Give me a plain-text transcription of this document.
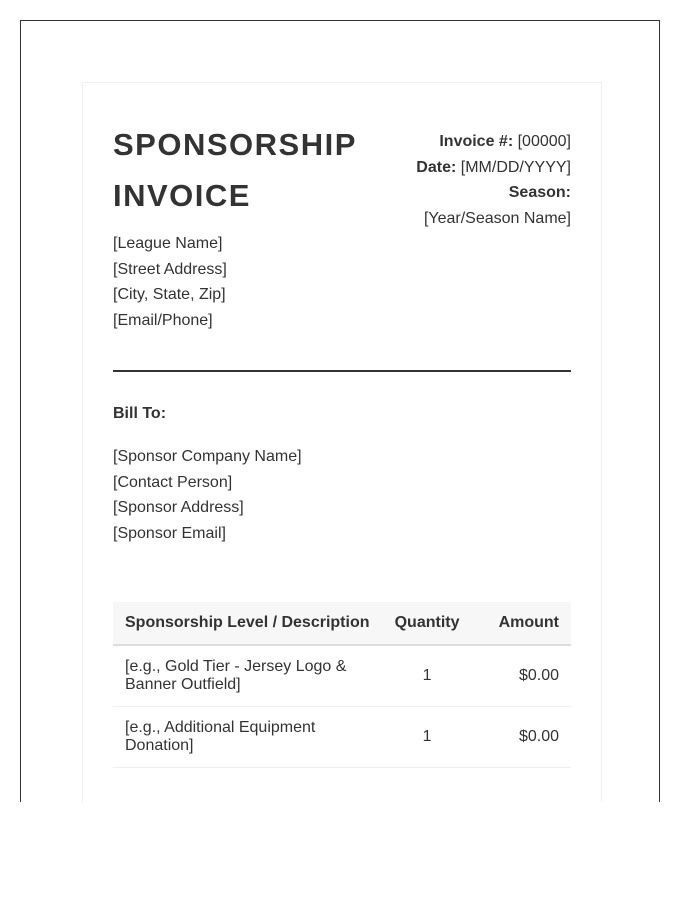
SPONSORSHIP
INVOICE
Invoice #: [00000]
Date: [MM/DD/YYYY]
Season:
[Year/Season Name]
[League Name]
[Street Address]
[City, State, Zip]
[Email/Phone]
Bill To:
[Sponsor Company Name]
[Contact Person]
[Sponsor Address]
[Sponsor Email]
Sponsorship Level / Description	Quantity	Amount
[e.g., Gold Tier - Jersey Logo & Banner Outfield]	1	$0.00
[e.g., Additional Equipment Donation]	1	$0.00
